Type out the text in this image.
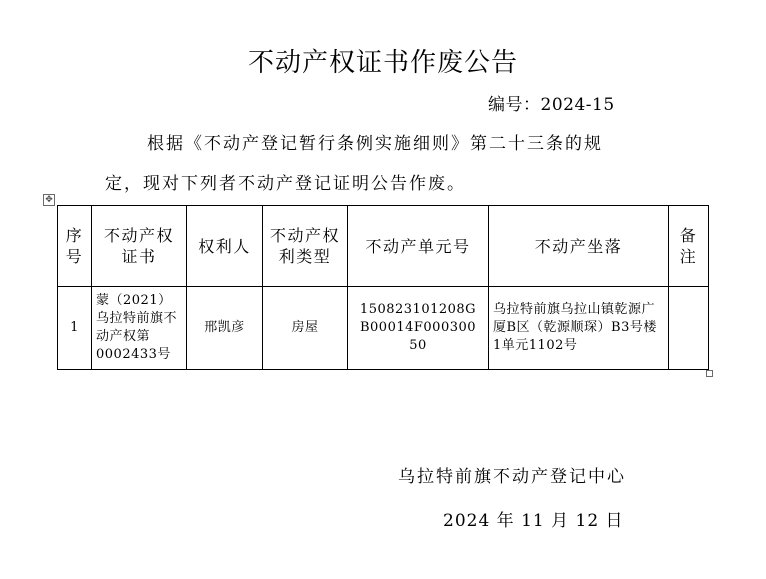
不动产权证书作废公告
编号：2024-15
根据《不动产登记暂行条例实施细则》第二十三条的规
定，现对下列者不动产登记证明公告作废。
✥
序号	不动产权证书	权利人	不动产权利类型	不动产单元号	不动产坐落	备注
1	蒙（2021）乌拉特前旗不动产权第0002433号	邢凯彦	房屋	150823101208GB00014F00030050	乌拉特前旗乌拉山镇乾源广厦B区（乾源顺琛）B3号楼1单元1102号	
乌拉特前旗不动产登记中心
2024 年 11 月 12 日
